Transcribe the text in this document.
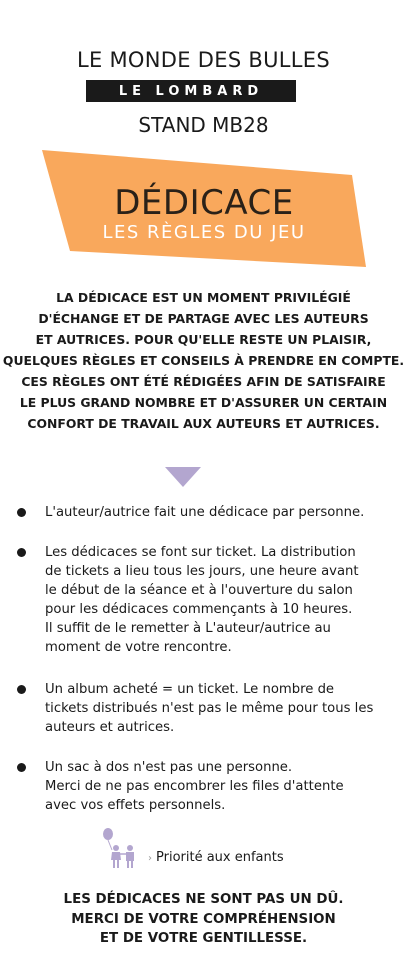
LE MONDE DES BULLES
LE LOMBARD
STAND MB28
DÉDICACE
LES RÈGLES DU JEU
LA DÉDICACE EST UN MOMENT PRIVILÉGIÉ
D'ÉCHANGE ET DE PARTAGE AVEC LES AUTEURS
ET AUTRICES. POUR QU'ELLE RESTE UN PLAISIR,
QUELQUES RÈGLES ET CONSEILS À PRENDRE EN COMPTE.
CES RÈGLES ONT ÉTÉ RÉDIGÉES AFIN DE SATISFAIRE
LE PLUS GRAND NOMBRE ET D'ASSURER UN CERTAIN
CONFORT DE TRAVAIL AUX AUTEURS ET AUTRICES.
L'auteur/autrice fait une dédicace par personne.
Les dédicaces se font sur ticket. La distribution
de tickets a lieu tous les jours, une heure avant
le début de la séance et à l'ouverture du salon
pour les dédicaces commençants à 10 heures.
Il suffit de le remetter à L'auteur/autrice au
moment de votre rencontre.
Un album acheté = un ticket. Le nombre de
tickets distribués n'est pas le même pour tous les
auteurs et autrices.
Un sac à dos n'est pas une personne.
Merci de ne pas encombrer les files d'attente
avec vos effets personnels.
› Priorité aux enfants
LES DÉDICACES NE SONT PAS UN DÛ.
MERCI DE VOTRE COMPRÉHENSION
ET DE VOTRE GENTILLESSE.
